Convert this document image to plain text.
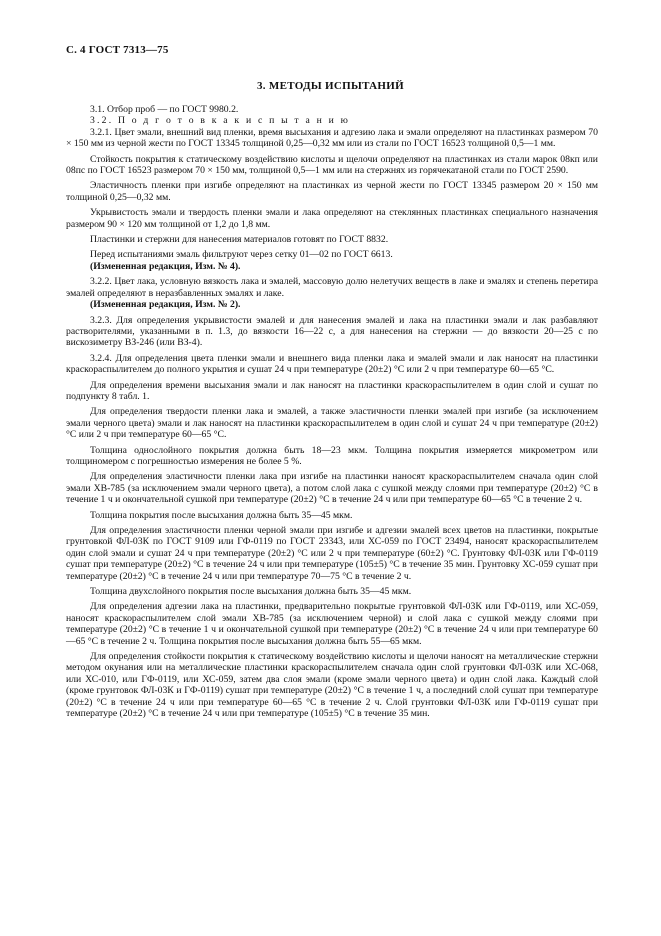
С. 4 ГОСТ 7313—75
3. МЕТОДЫ ИСПЫТАНИЙ

3.1. Отбор проб — по ГОСТ 9980.2.

3.2. П о д г о т о в к а к и с п ы т а н и ю

3.2.1. Цвет эмали, внешний вид пленки, время высыхания и адгезию лака и эмали определяют на пластинках размером 70 × 150 мм из черной жести по ГОСТ 13345 толщиной 0,25—0,32 мм или из стали по ГОСТ 16523 толщиной 0,5—1 мм.

Стойкость покрытия к статическому воздействию кислоты и щелочи определяют на пластинках из стали марок 08кп или 08пс по ГОСТ 16523 размером 70 × 150 мм, толщиной 0,5—1 мм или на стержнях из горячекатаной стали по ГОСТ 2590.

Эластичность пленки при изгибе определяют на пластинках из черной жести по ГОСТ 13345 размером 20 × 150 мм толщиной 0,25—0,32 мм.

Укрывистость эмали и твердость пленки эмали и лака определяют на стеклянных пластинках специального назначения размером 90 × 120 мм толщиной от 1,2 до 1,8 мм.

Пластинки и стержни для нанесения материалов готовят по ГОСТ 8832.

Перед испытаниями эмаль фильтруют через сетку 01—02 по ГОСТ 6613.

(Измененная редакция, Изм. № 4).

3.2.2. Цвет лака, условную вязкость лака и эмалей, массовую долю нелетучих веществ в лаке и эмалях и степень перетира эмалей определяют в неразбавленных эмалях и лаке.

(Измененная редакция, Изм. № 2).

3.2.3. Для определения укрывистости эмалей и для нанесения эмалей и лака на пластинки эмали и лак разбавляют растворителями, указанными в п. 1.3, до вязкости 16—22 с, а для нанесения на стержни — до вязкости 20—25 с по вискозиметру ВЗ-246 (или ВЗ-4).

3.2.4. Для определения цвета пленки эмали и внешнего вида пленки лака и эмалей эмали и лак наносят на пластинки краскораспылителем до полного укрытия и сушат 24 ч при температуре (20±2) °С или 2 ч при температуре 60—65 °С.

Для определения времени высыхания эмали и лак наносят на пластинки краскораспылителем в один слой и сушат по подпункту 8 табл. 1.

Для определения твердости пленки лака и эмалей, а также эластичности пленки эмалей при изгибе (за исключением эмали черного цвета) эмали и лак наносят на пластинки краскораспылителем в один слой и сушат 24 ч при температуре (20±2) °С или 2 ч при температуре 60—65 °С.

Толщина однослойного покрытия должна быть 18—23 мкм. Толщина покрытия измеряется микрометром или толщиномером с погрешностью измерения не более 5 %.

Для определения эластичности пленки лака при изгибе на пластинки наносят краскораспылителем сначала один слой эмали ХВ-785 (за исключением эмали черного цвета), а потом слой лака с сушкой между слоями при температуре (20±2) °С в течение 1 ч и окончательной сушкой при температуре (20±2) °С в течение 24 ч или при температуре 60—65 °С в течение 2 ч.

Толщина покрытия после высыхания должна быть 35—45 мкм.

Для определения эластичности пленки черной эмали при изгибе и адгезии эмалей всех цветов на пластинки, покрытые грунтовкой ФЛ-03К по ГОСТ 9109 или ГФ-0119 по ГОСТ 23343, или ХС-059 по ГОСТ 23494, наносят краскораспылителем один слой эмали и сушат 24 ч при температуре (20±2) °С или 2 ч при температуре (60±2) °С. Грунтовку ФЛ-03К или ГФ-0119 сушат при температуре (20±2) °С в течение 24 ч или при температуре (105±5) °С в течение 35 мин. Грунтовку ХС-059 сушат при температуре (20±2) °С в течение 24 ч или при температуре 70—75 °С в течение 2 ч.

Толщина двухслойного покрытия после высыхания должна быть 35—45 мкм.

Для определения адгезии лака на пластинки, предварительно покрытые грунтовкой ФЛ-03К или ГФ-0119, или ХС-059, наносят краскораспылителем слой эмали ХВ-785 (за исключением черной) и слой лака с сушкой между слоями при температуре (20±2) °С в течение 1 ч и окончательной сушкой при температуре (20±2) °С в течение 24 ч или при температуре 60—65 °С в течение 2 ч. Толщина покрытия после высыхания должна быть 55—65 мкм.

Для определения стойкости покрытия к статическому воздействию кислоты и щелочи наносят на металлические стержни методом окунания или на металлические пластинки краскораспылителем сначала один слой грунтовки ФЛ-03К или ХС-068, или ХС-010, или ГФ-0119, или ХС-059, затем два слоя эмали (кроме эмали черного цвета) и один слой лака. Каждый слой (кроме грунтовок ФЛ-03К и ГФ-0119) сушат при температуре (20±2) °С в течение 1 ч, а последний слой сушат при температуре (20±2) °С в течение 24 ч или при температуре 60—65 °С в течение 2 ч. Слой грунтовки ФЛ-03К или ГФ-0119 сушат при температуре (20±2) °С в течение 24 ч или при температуре (105±5) °С в течение 35 мин.
